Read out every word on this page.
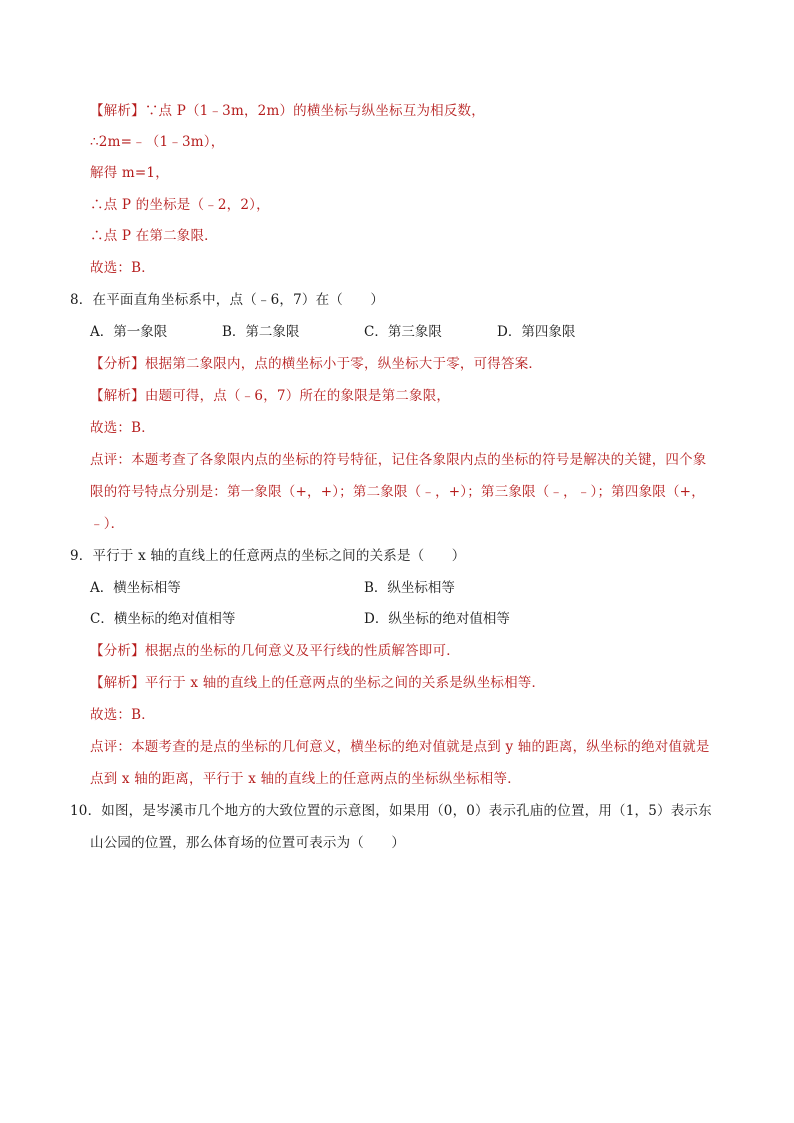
【解析】∵点 P（1﹣3m，2m）的横坐标与纵坐标互为相反数，
∴2m=﹣（1﹣3m），
解得 m=1，
∴点 P 的坐标是（﹣2，2），
∴点 P 在第二象限．
故选：B．
8．在平面直角坐标系中，点（﹣6，7）在（　　）
A．第一象限	B．第二象限	C．第三象限	D．第四象限
【分析】根据第二象限内，点的横坐标小于零，纵坐标大于零，可得答案．
【解析】由题可得，点（﹣6，7）所在的象限是第二象限，
故选：B．
点评：本题考查了各象限内点的坐标的符号特征，记住各象限内点的坐标的符号是解决的关键，四个象
限的符号特点分别是：第一象限（+，+）；第二象限（﹣，+）；第三象限（﹣，﹣）；第四象限（+，
﹣）．
9．平行于 x 轴的直线上的任意两点的坐标之间的关系是（　　）
A．横坐标相等	B．纵坐标相等
C．横坐标的绝对值相等	D．纵坐标的绝对值相等
【分析】根据点的坐标的几何意义及平行线的性质解答即可．
【解析】平行于 x 轴的直线上的任意两点的坐标之间的关系是纵坐标相等．
故选：B．
点评：本题考查的是点的坐标的几何意义，横坐标的绝对值就是点到 y 轴的距离，纵坐标的绝对值就是
点到 x 轴的距离，平行于 x 轴的直线上的任意两点的坐标纵坐标相等．
10．如图，是岑溪市几个地方的大致位置的示意图，如果用（0，0）表示孔庙的位置，用（1，5）表示东
山公园的位置，那么体育场的位置可表示为（　　）
